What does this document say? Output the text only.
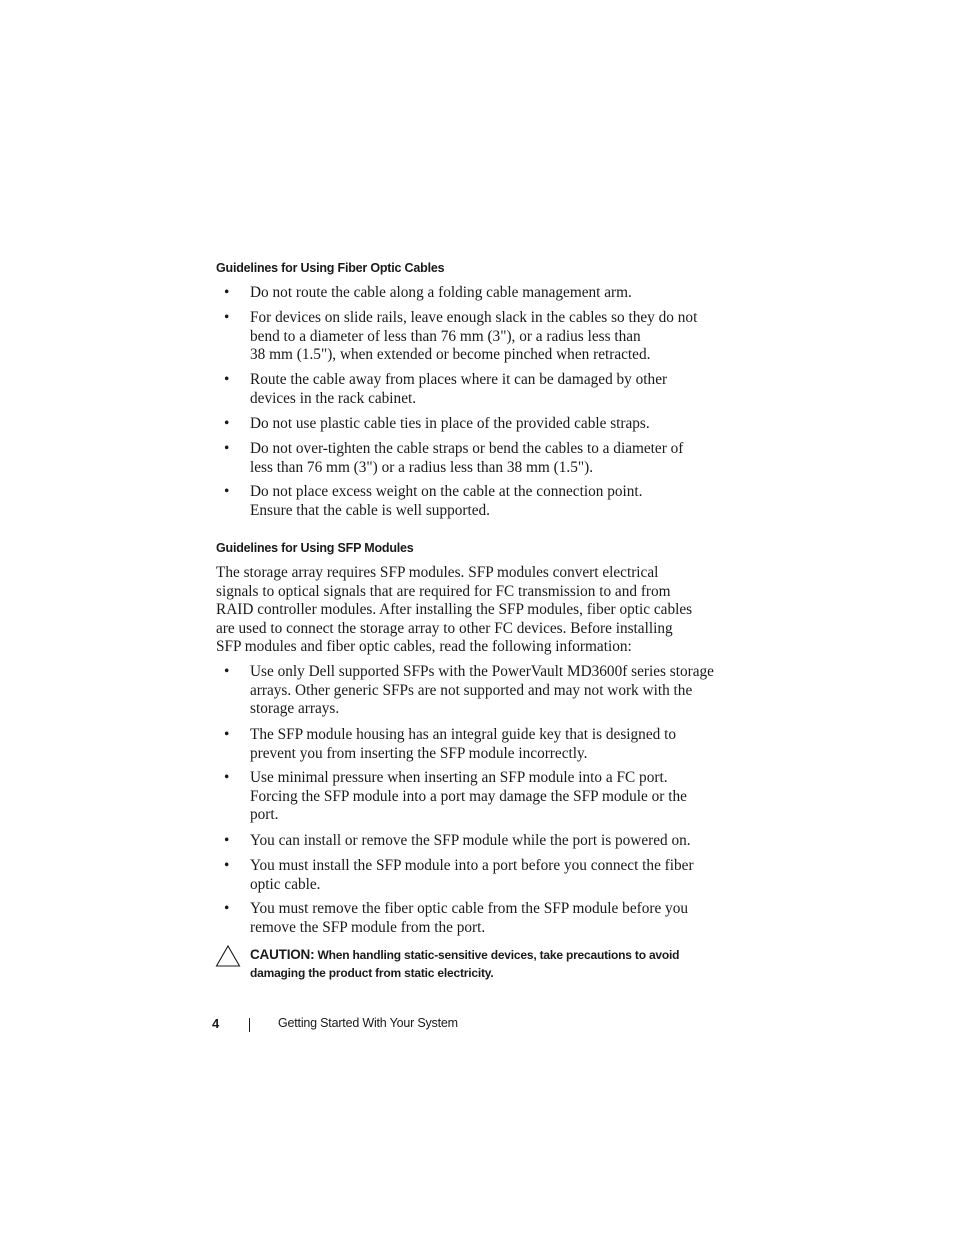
Guidelines for Using Fiber Optic Cables
• Do not route the cable along a folding cable management arm.
• For devices on slide rails, leave enough slack in the cables so they do not
bend to a diameter of less than 76 mm (3"), or a radius less than
38 mm (1.5"), when extended or become pinched when retracted.
• Route the cable away from places where it can be damaged by other
devices in the rack cabinet.
• Do not use plastic cable ties in place of the provided cable straps.
• Do not over-tighten the cable straps or bend the cables to a diameter of
less than 76 mm (3") or a radius less than 38 mm (1.5").
• Do not place excess weight on the cable at the connection point.
Ensure that the cable is well supported.
Guidelines for Using SFP Modules
The storage array requires SFP modules. SFP modules convert electrical
signals to optical signals that are required for FC transmission to and from
RAID controller modules. After installing the SFP modules, fiber optic cables
are used to connect the storage array to other FC devices. Before installing
SFP modules and fiber optic cables, read the following information:
• Use only Dell supported SFPs with the PowerVault MD3600f series storage
arrays. Other generic SFPs are not supported and may not work with the
storage arrays.
• The SFP module housing has an integral guide key that is designed to
prevent you from inserting the SFP module incorrectly.
• Use minimal pressure when inserting an SFP module into a FC port.
Forcing the SFP module into a port may damage the SFP module or the
port.
• You can install or remove the SFP module while the port is powered on.
• You must install the SFP module into a port before you connect the fiber
optic cable.
• You must remove the fiber optic cable from the SFP module before you
remove the SFP module from the port.
CAUTION: When handling static-sensitive devices, take precautions to avoid
damaging the product from static electricity.
4	Getting Started With Your System
